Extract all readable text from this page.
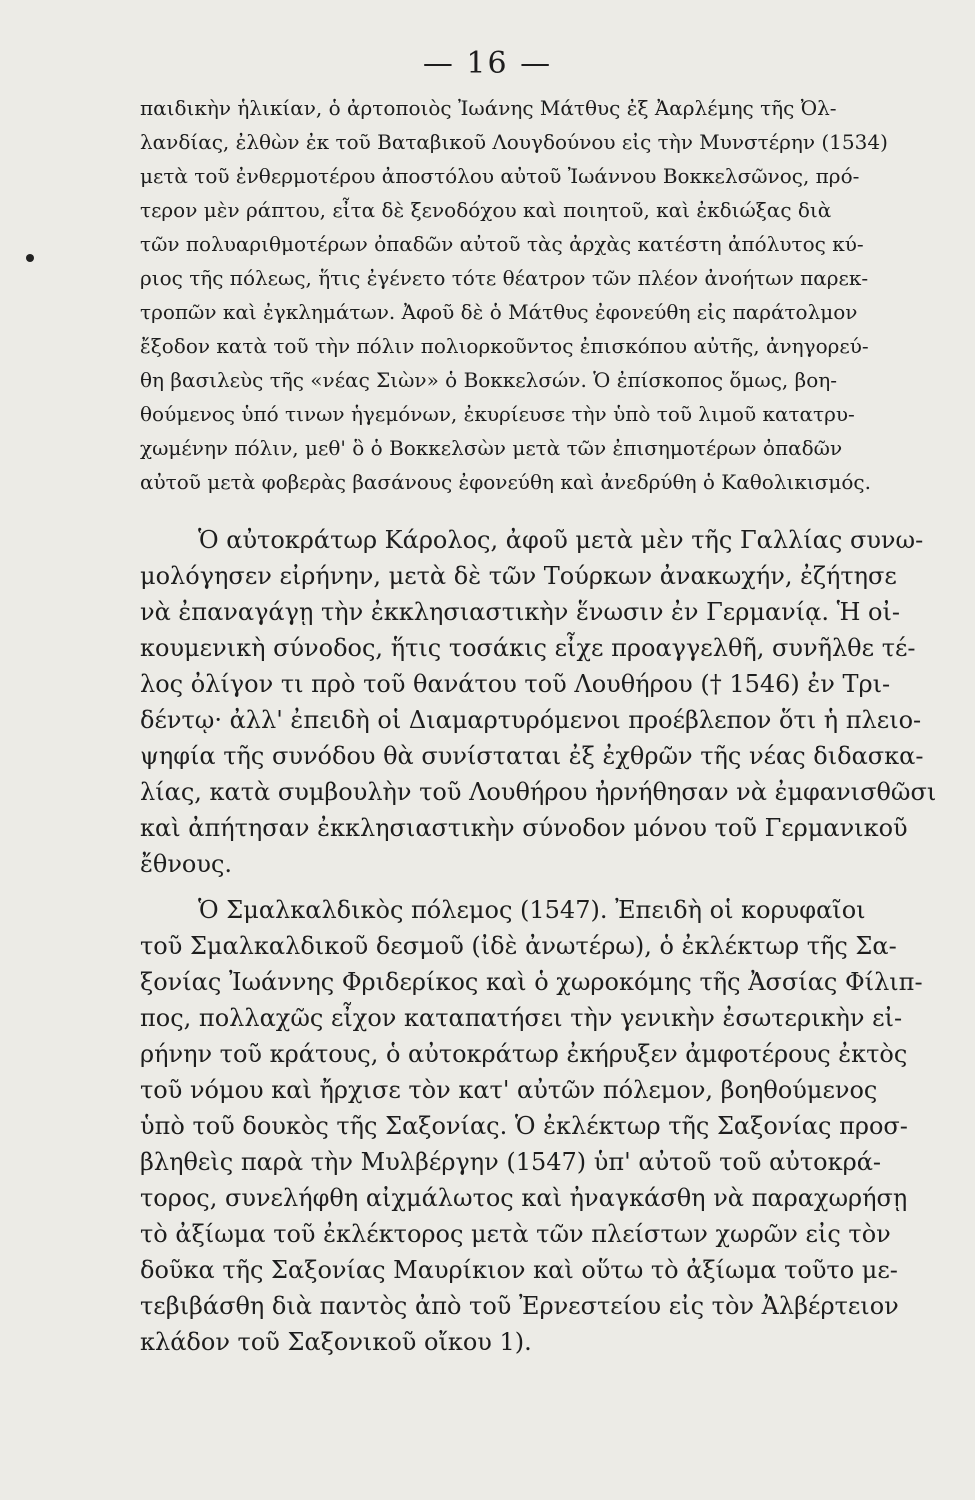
— 16 —
παιδικὴν ἡλικίαν, ὁ ἀρτοποιὸς Ἰωάνης Μάτθυς ἐξ Ἀαρλέμης τῆς Ὀλ-
λανδίας, ἐλθὼν ἐκ τοῦ Βαταβικοῦ Λουγδούνου εἰς τὴν Μυνστέρην (1534)
μετὰ τοῦ ἐνθερμοτέρου ἀποστόλου αὐτοῦ Ἰωάννου Βοκκελσῶνος, πρό-
τερον μὲν ράπτου, εἶτα δὲ ξενοδόχου καὶ ποιητοῦ, καὶ ἐκδιώξας διὰ
τῶν πολυαριθμοτέρων ὀπαδῶν αὐτοῦ τὰς ἀρχὰς κατέστη ἀπόλυτος κύ-
ριος τῆς πόλεως, ἥτις ἐγένετο τότε θέατρον τῶν πλέον ἀνοήτων παρεκ-
τροπῶν καὶ ἐγκλημάτων. Ἀφοῦ δὲ ὁ Μάτθυς ἐφονεύθη εἰς παράτολμον
ἔξοδον κατὰ τοῦ τὴν πόλιν πολιορκοῦντος ἐπισκόπου αὐτῆς, ἀνηγορεύ-
θη βασιλεὺς τῆς «νέας Σιὼν» ὁ Βοκκελσών. Ὁ ἐπίσκοπος ὅμως, βοη-
θούμενος ὑπό τινων ἡγεμόνων, ἐκυρίευσε τὴν ὑπὸ τοῦ λιμοῦ κατατρυ-
χωμένην πόλιν, μεθ' ὃ ὁ Βοκκελσὼν μετὰ τῶν ἐπισημοτέρων ὀπαδῶν
αὐτοῦ μετὰ φοβερὰς βασάνους ἐφονεύθη καὶ ἀνεδρύθη ὁ Καθολικισμός.
Ὁ αὐτοκράτωρ Κάρολος, ἀφοῦ μετὰ μὲν τῆς Γαλλίας συνω-
μολόγησεν εἰρήνην, μετὰ δὲ τῶν Τούρκων ἀνακωχήν, ἐζήτησε
νὰ ἐπαναγάγῃ τὴν ἐκκλησιαστικὴν ἕνωσιν ἐν Γερμανίᾳ. Ἡ οἰ-
κουμενικὴ σύνοδος, ἥτις τοσάκις εἶχε προαγγελθῆ, συνῆλθε τέ-
λος ὀλίγον τι πρὸ τοῦ θανάτου τοῦ Λουθήρου († 1546) ἐν Τρι-
δέντῳ· ἀλλ' ἐπειδὴ οἱ Διαμαρτυρόμενοι προέβλεπον ὅτι ἡ πλειο-
ψηφία τῆς συνόδου θὰ συνίσταται ἐξ ἐχθρῶν τῆς νέας διδασκα-
λίας, κατὰ συμβουλὴν τοῦ Λουθήρου ἠρνήθησαν νὰ ἐμφανισθῶσι
καὶ ἀπήτησαν ἐκκλησιαστικὴν σύνοδον μόνου τοῦ Γερμανικοῦ
ἔθνους.
Ὁ Σμαλκαλδικὸς πόλεμος (1547). Ἐπειδὴ οἱ κορυφαῖοι
τοῦ Σμαλκαλδικοῦ δεσμοῦ (ἰδὲ ἀνωτέρω), ὁ ἐκλέκτωρ τῆς Σα-
ξονίας Ἰωάννης Φριδερίκος καὶ ὁ χωροκόμης τῆς Ἀσσίας Φίλιπ-
πος, πολλαχῶς εἶχον καταπατήσει τὴν γενικὴν ἐσωτερικὴν εἰ-
ρήνην τοῦ κράτους, ὁ αὐτοκράτωρ ἐκήρυξεν ἀμφοτέρους ἐκτὸς
τοῦ νόμου καὶ ἤρχισε τὸν κατ' αὐτῶν πόλεμον, βοηθούμενος
ὑπὸ τοῦ δουκὸς τῆς Σαξονίας. Ὁ ἐκλέκτωρ τῆς Σαξονίας προσ-
βληθεὶς παρὰ τὴν Μυλβέργην (1547) ὑπ' αὐτοῦ τοῦ αὐτοκρά-
τορος, συνελήφθη αἰχμάλωτος καὶ ἠναγκάσθη νὰ παραχωρήσῃ
τὸ ἀξίωμα τοῦ ἐκλέκτορος μετὰ τῶν πλείστων χωρῶν εἰς τὸν
δοῦκα τῆς Σαξονίας Μαυρίκιον καὶ οὕτω τὸ ἀξίωμα τοῦτο με-
τεβιβάσθη διὰ παντὸς ἀπὸ τοῦ Ἐρνεστείου εἰς τὸν Ἀλβέρτειον
κλάδον τοῦ Σαξονικοῦ οἴκου 1).
